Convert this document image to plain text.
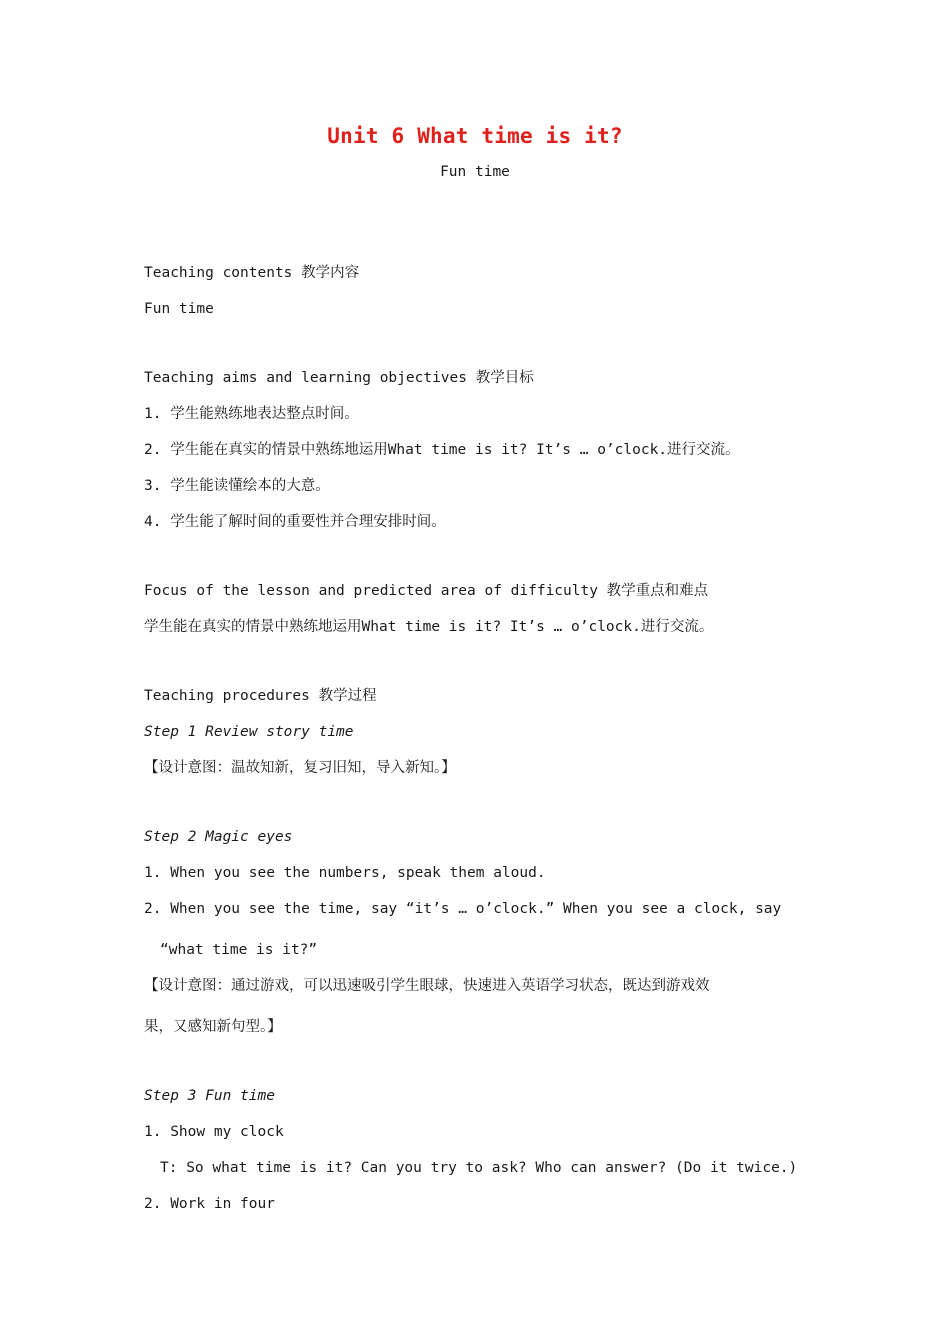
Unit 6 What time is it?
Fun time
Teaching contents 教学内容
Fun time
Teaching aims and learning objectives 教学目标
1. 学生能熟练地表达整点时间。
2. 学生能在真实的情景中熟练地运用What time is it? It’s … o’clock.进行交流。
3. 学生能读懂绘本的大意。
4. 学生能了解时间的重要性并合理安排时间。
Focus of the lesson and predicted area of difficulty 教学重点和难点
学生能在真实的情景中熟练地运用What time is it? It’s … o’clock.进行交流。
Teaching procedures 教学过程
Step 1 Review story time
【设计意图：温故知新，复习旧知，导入新知。】
Step 2 Magic eyes
1. When you see the numbers, speak them aloud.
2. When you see the time, say “it’s … o’clock.” When you see a clock, say
“what time is it?”
【设计意图：通过游戏，可以迅速吸引学生眼球，快速进入英语学习状态，既达到游戏效
果，又感知新句型。】
Step 3 Fun time
1. Show my clock
T: So what time is it? Can you try to ask? Who can answer? (Do it twice.)
2. Work in four
